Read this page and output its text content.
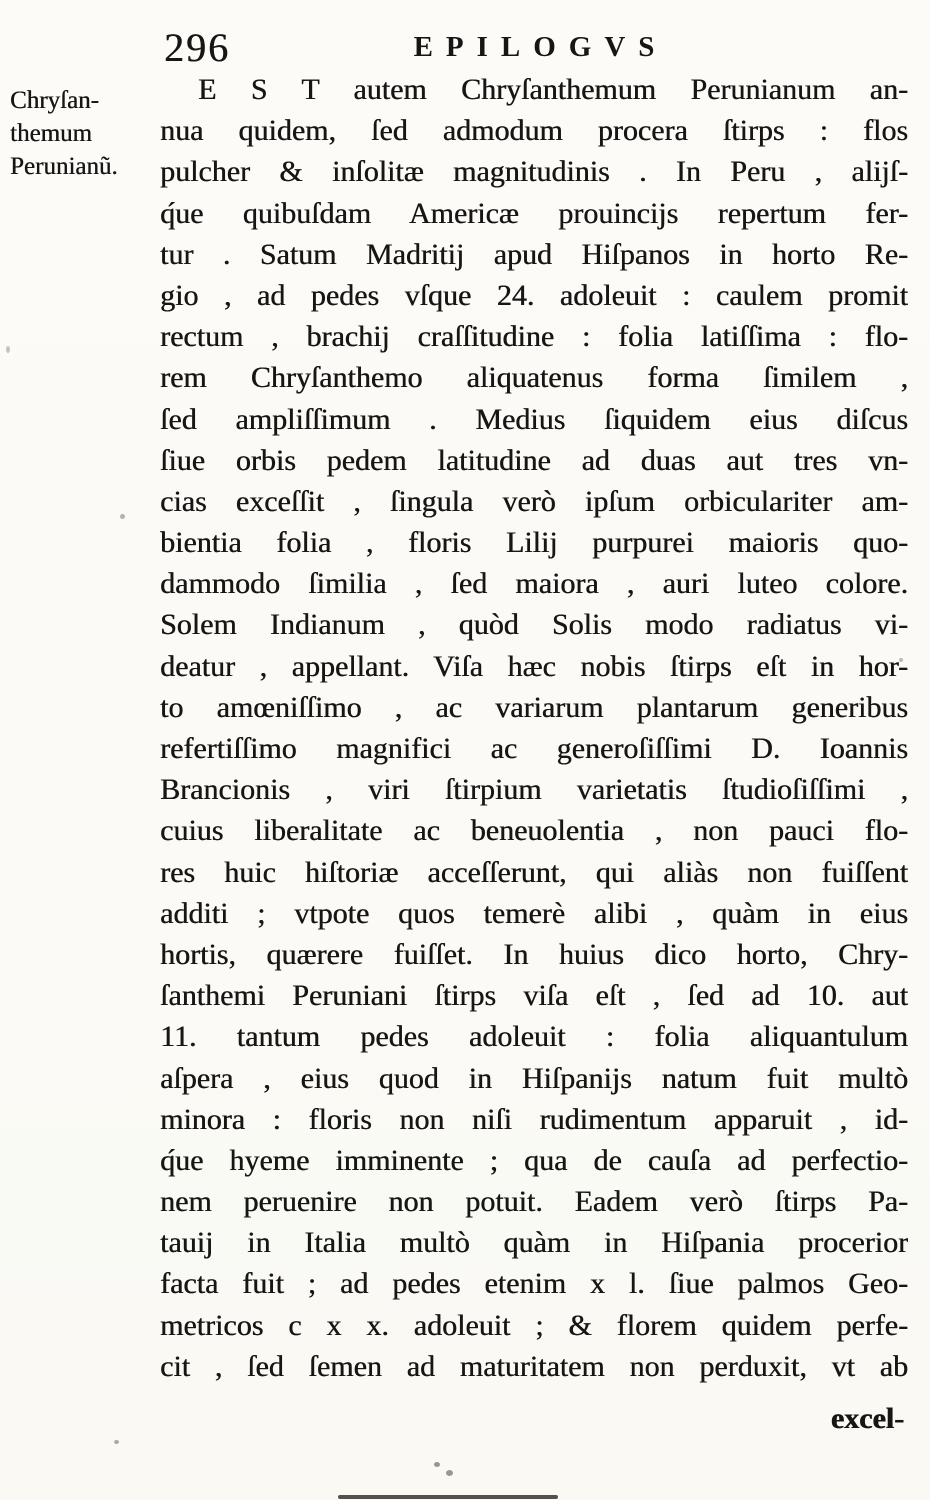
296	EPILOGVS
Chryſan-
themum
Perunianũ.
E S T autem Chryſanthemum Perunianum an-
nua quidem, ſed admodum procera ſtirps : flos
pulcher & inſolitæ magnitudinis . In Peru , alijſ-
q́ue quibuſdam Americæ prouincijs repertum fer-
tur . Satum Madritij apud Hiſpanos in horto Re-
gio , ad pedes vſque 24. adoleuit : caulem promit
rectum , brachij craſſitudine : folia latiſſima : flo-
rem Chryſanthemo aliquatenus forma ſimilem ,
ſed ampliſſimum . Medius ſiquidem eius diſcus
ſiue orbis pedem latitudine ad duas aut tres vn-
cias exceſſit , ſingula verò ipſum orbiculariter am-
bientia folia , floris Lilij purpurei maioris quo-
dammodo ſimilia , ſed maiora , auri luteo colore.
Solem Indianum , quòd Solis modo radiatus vi-
deatur , appellant. Viſa hæc nobis ſtirps eſt in hor-
to amœniſſimo , ac variarum plantarum generibus
refertiſſimo magnifici ac generoſiſſimi D. Ioannis
Brancionis , viri ſtirpium varietatis ſtudioſiſſimi ,
cuius liberalitate ac beneuolentia , non pauci flo-
res huic hiſtoriæ acceſſerunt, qui aliàs non fuiſſent
additi ; vtpote quos temerè alibi , quàm in eius
hortis, quærere fuiſſet. In huius dico horto, Chry-
ſanthemi Peruniani ſtirps viſa eſt , ſed ad 10. aut
11. tantum pedes adoleuit : folia aliquantulum
aſpera , eius quod in Hiſpanijs natum fuit multò
minora : floris non niſi rudimentum apparuit , id-
q́ue hyeme imminente ; qua de cauſa ad perfectio-
nem peruenire non potuit. Eadem verò ſtirps Pa-
tauij in Italia multò quàm in Hiſpania procerior
facta fuit ; ad pedes etenim x l. ſiue palmos Geo-
metricos c x x. adoleuit ; & florem quidem perfe-
cit , ſed ſemen ad maturitatem non perduxit, vt ab
excel-
